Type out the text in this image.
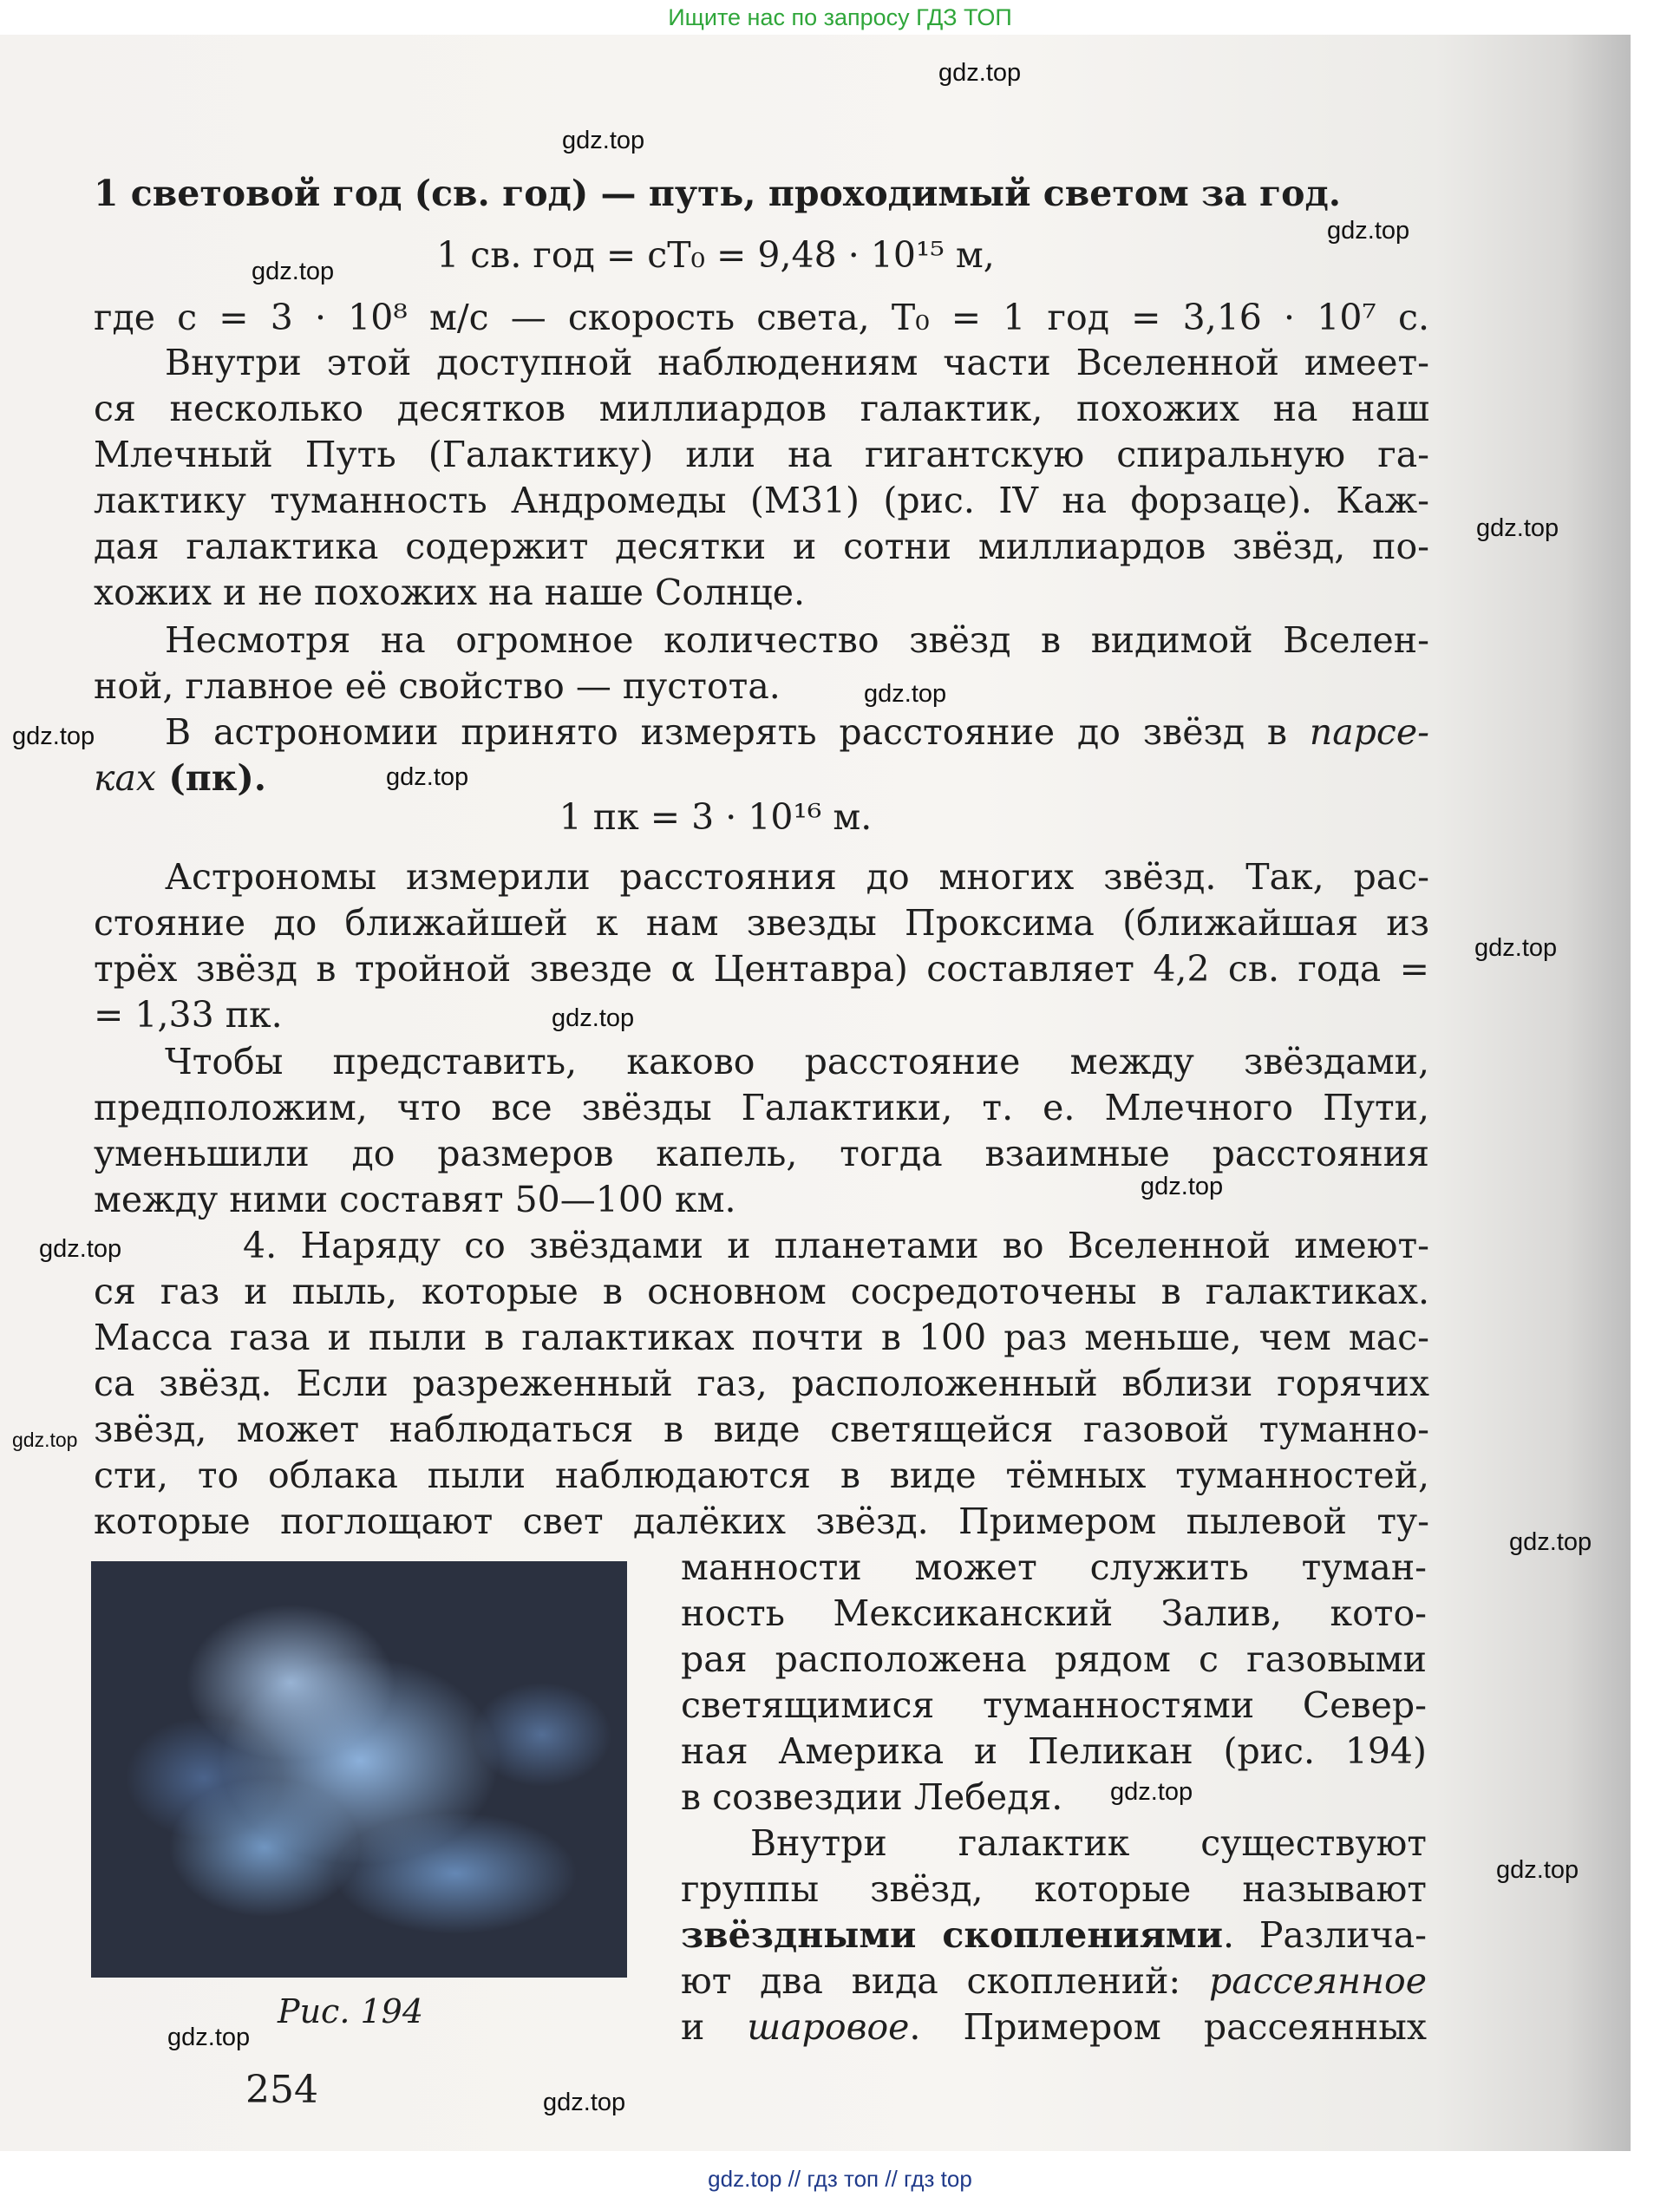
Ищите нас по запросу ГДЗ ТОП
1 световой год (св. год) — путь, проходимый светом за год.
1 св. год = cT₀ = 9,48 · 10¹⁵ м,
где c = 3 · 10⁸ м/с — скорость света, T₀ = 1 год = 3,16 · 10⁷ с.
Внутри этой доступной наблюдениям части Вселенной имеет-
ся несколько десятков миллиардов галактик, похожих на наш
Млечный Путь (Галактику) или на гигантскую спиральную га-
лактику туманность Андромеды (M31) (рис. IV на форзаце). Каж-
дая галактика содержит десятки и сотни миллиардов звёзд, по-
хожих и не похожих на наше Солнце.
Несмотря на огромное количество звёзд в видимой Вселен-
ной, главное её свойство — пустота.
В астрономии принято измерять расстояние до звёзд в парсе-
ках (пк).
1 пк = 3 · 10¹⁶ м.
Астрономы измерили расстояния до многих звёзд. Так, рас-
стояние до ближайшей к нам звезды Проксима (ближайшая из
трёх звёзд в тройной звезде α Центавра) составляет 4,2 св. года =
= 1,33 пк.
Чтобы представить, каково расстояние между звёздами,
предположим, что все звёзды Галактики, т. е. Млечного Пути,
уменьшили до размеров капель, тогда взаимные расстояния
между ними составят 50—100 км.
4. Наряду со звёздами и планетами во Вселенной имеют-
ся газ и пыль, которые в основном сосредоточены в галактиках.
Масса газа и пыли в галактиках почти в 100 раз меньше, чем мас-
са звёзд. Если разреженный газ, расположенный вблизи горячих
звёзд, может наблюдаться в виде светящейся газовой туманно-
сти, то облака пыли наблюдаются в виде тёмных туманностей,
которые поглощают свет далёких звёзд. Примером пылевой ту-
Рис. 194
манности может служить туман-
ность Мексиканский Залив, кото-
рая расположена рядом с газовыми
светящимися туманностями Север-
ная Америка и Пеликан (рис. 194)
в созвездии Лебедя.
Внутри галактик существуют
группы звёзд, которые называют
звёздными скоплениями. Различа-
ют два вида скоплений: рассеянное
и шаровое. Примером рассеянных
254
gdz.top
gdz.top
gdz.top
gdz.top
gdz.top
gdz.top
gdz.top
gdz.top
gdz.top
gdz.top
gdz.top
gdz.top
gdz.top
gdz.top
gdz.top
gdz.top
gdz.top
gdz.top
gdz.top // гдз топ // гдз top
